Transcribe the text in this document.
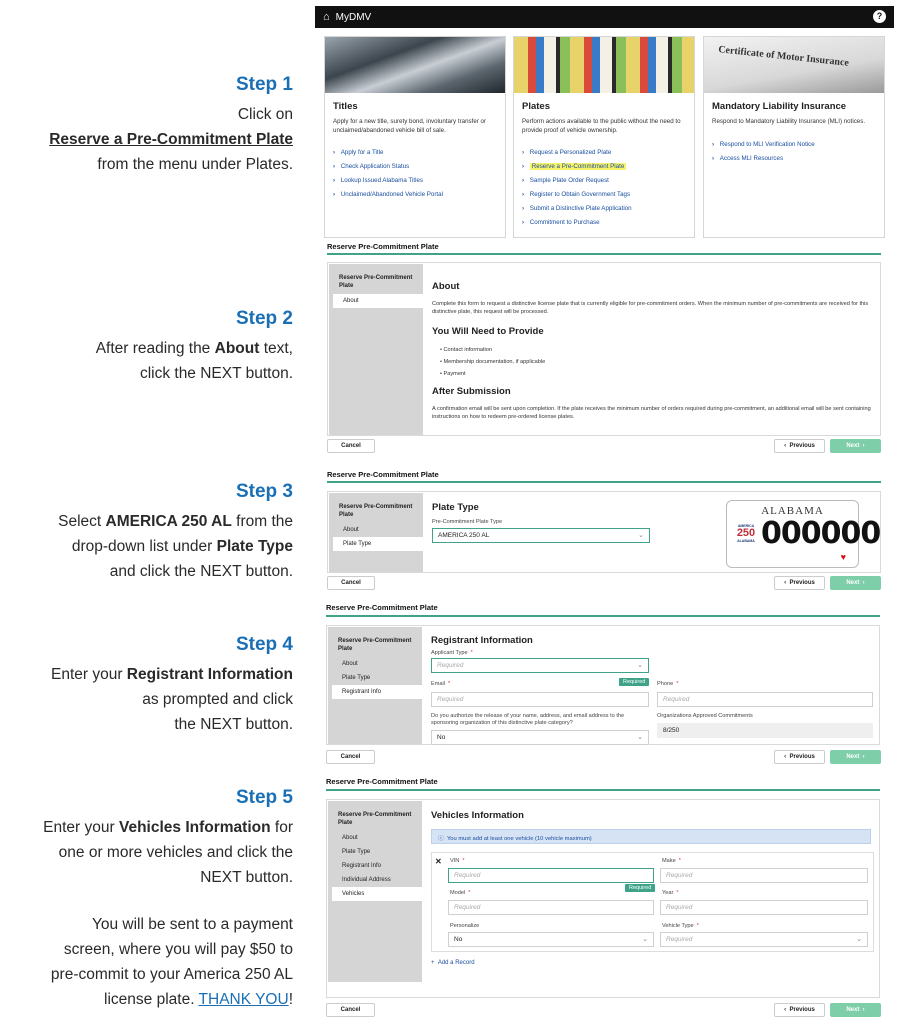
Step 1
Click on
Reserve a Pre-Commitment Plate
from the menu under Plates.
Step 2
After reading the About text,
click the NEXT button.
Step 3
Select AMERICA 250 AL from the
drop-down list under Plate Type
and click the NEXT button.
Step 4
Enter your Registrant Information
as prompted and click
the NEXT button.
Step 5
Enter your Vehicles Information for
one or more vehicles and click the
NEXT button.
You will be sent to a payment
screen, where you will pay $50 to
pre-commit to your America 250 AL
license plate. THANK YOU!
⌂ MyDMV	?
Titles

Apply for a new title, surety bond, involuntary transfer or unclaimed/abandoned vehicle bill of sale.

› Apply for a Title
› Check Application Status
› Lookup Issued Alabama Titles
› Unclaimed/Abandoned Vehicle Portal
Plates

Perform actions available to the public without the need to provide proof of vehicle ownership.

› Request a Personalized Plate
› Reserve a Pre-Commitment Plate
› Sample Plate Order Request
› Register to Obtain Government Tags
› Submit a Distinctive Plate Application
› Commitment to Purchase
Certificate of Motor Insurance
Mandatory Liability Insurance

Respond to Mandatory Liability Insurance (MLI) notices.

› Respond to MLI Verification Notice
› Access MLI Resources
Reserve Pre-Commitment Plate
Reserve Pre-Commitment Plate
About
About
Complete this form to request a distinctive license plate that is currently eligible for pre-commitment orders. When the minimum number of pre-commitments are received for this distinctive plate, this request will be processed.
You Will Need to Provide
• Contact information
• Membership documentation, if applicable
• Payment
After Submission
A confirmation email will be sent upon completion. If the plate receives the minimum number of orders required during pre-commitment, an additional email will be sent containing instructions on how to redeem pre-ordered license plates.
Cancel	‹ Previous	Next ›
Reserve Pre-Commitment Plate
Reserve Pre-Commitment Plate
About
Plate Type
Plate Type
Pre-Commitment Plate Type
AMERICA 250 AL	⌄
ALABAMA
AMERICA
250
ALABAMA 000000
♥
Cancel	‹ Previous	Next ›
Reserve Pre-Commitment Plate
Reserve Pre-Commitment Plate
About
Plate Type
Registrant Info
Registrant Information
Applicant Type *
Required	⌄
Required
Email *
Required
Phone *
Required
Do you authorize the release of your name, address, and email address to the sponsoring organization of this distinctive plate category?
No	⌄
Organizations Approved Commitments
8/250
Cancel	‹ Previous	Next ›
Reserve Pre-Commitment Plate
Reserve Pre-Commitment Plate
About
Plate Type
Registrant Info
Individual Address
Vehicles
Vehicles Information
ⓘ You must add at least one vehicle (10 vehicle maximum)
✕ VIN *
Required
Required
Make *
Required
Model *
Required
Year *
Required
Personalize
No	⌄
Vehicle Type *
Required	⌄
+  Add a Record
Cancel	‹ Previous	Next ›
